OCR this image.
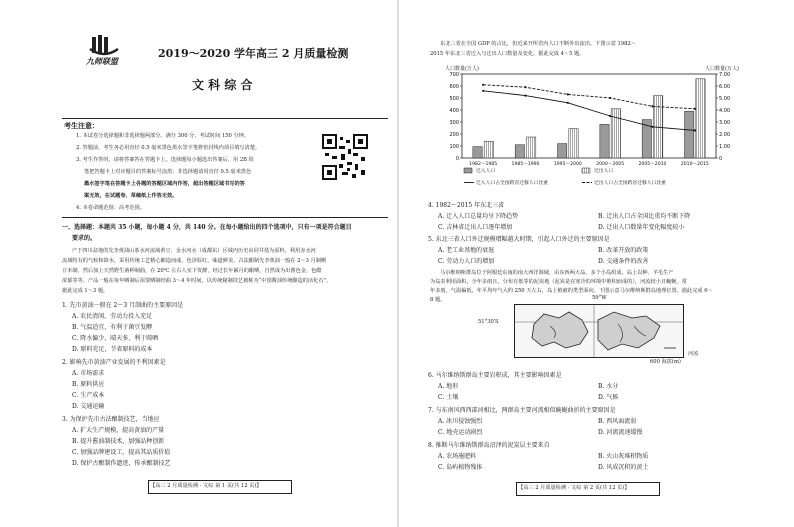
九师联盟
2019～2020 学年高三 2 月质量检测
文 科 综 合
考生注意：
1. 本试卷分选择题和非选择题两部分。满分 300 分，考试时间 150 分钟。
2. 答题前，考生务必用直径 0.5 毫米黑色墨水签字笔将密封线内项目填写清楚。
3. 考生作答时，请将答案答在答题卡上。选择题每小题选出答案后，用 2B 铅
笔把答题卡上对应题目的答案标号涂黑；非选择题请用直径 0.5 毫米黑色
墨水签字笔在答题卡上各题的答题区域内作答，超出答题区域书写的答
案无效，在试题卷、草稿纸上作答无效。
4. 本卷命题范围：高考范围。
一、选择题：本题共 35 小题，每小题 4 分，共 140 分。在每小题给出的四个选项中，只有一项是符合题目
要求的。
产于四川盆地的先李黄油山茶水河流域黄豆、金水河水（成都东）区域内历史由同井盐为原料，利用赤水河
流域特有的气候和降水，采用传统工艺精心酿造而成，色泽棕红，味道鲜美。古法酿制先李黄油一般在 2～3 月制晒
豆本制，然后加上天然野生菌种制曲，在 20℃ 左右人室下发酵，经过长年累月的酿晒，自然成为出酱色金，色酷
浓郁等等。产品一般在每年晒制后需要晒制经曲 3～4 年时间，以传统秘制技艺被称为“中国酱油传统酿造的活化石”，
据此完成 1～3 题。
1. 先市黄油一般在 2～3 月制曲的主要原因是
A. 农民清闲，劳动力投入充足
B. 气温适宜，有利于菌豆发酵
C. 降水偏少，晴天多，利于晾晒
D. 原料充足，节省原料的成本
2. 影响先市黄油产业发展的不利因素是
A. 市场需求
B. 原料供应
C. 生产成本
D. 交通运输
3. 为保护先市古法酿制技艺，当地应
A. 扩大生产规模，提高黄油的产量
B. 提升酱油制技术，加强品种创新
C. 加强品牌建设工，提高其品质价值
D. 保护古酿制作遗迹，传承酿制技艺
【高三 2 月质量检测 · 文综 第 1 页(共 12 页)】
东北三省在全国 GDP 的占比，但近来开所省内人口不断外出流出。下图示意 1982～
2015 年东北三省迁入与迁出人口数量及变化。据此完成 4～5 题。
人口数量(万人)	人口数量(万人)
0
100
200
300
400
500
600
700
0
1.00
2.00
3.00
4.00
5.00
6.00
7.00
1982～1985	1985～1990	1995～2000	2000～2005	2005～2010	2010～2015
迁入人口	迁出人口
迁入人口占全国跨省迁移人口比重	迁出人口占全国跨省迁移人口比重
4. 1982～2015 年东北三省
A. 迁入人口总量均呈下降趋势	B. 迁出人口占全国比重均不断下降
C. 吉林省迁出人口逐年增加	D. 迁出人口数量年变化幅度较小
5. 东北三省人口外迁规模增幅越大时期，引起人口外迁的主要原因是
A. 老工业基地的衰退	B. 改革开放的政策
C. 劳动力人口的增加	D. 交通条件的改善
马尔维纳斯群岛位于阿根廷东南的南大西洋海域，由东西两大岛、多个小岛组成，岛上以种、羊毛生产
为岛农利用面积，全年多雨且，分布有低等的泥炭地（泥炭是在寒冷的环境中堆积而成的），河流较小且蜿蜒，常
年多雨，气温偏低，年平均年气大约 250 天左右，岛上植被的类型面向。下图示意马尔维纳斯群岛地理位置。据此完成 6～
8 题。	59°W
51°30′S
河流
600 海拔(m)
6. 马尔维纳斯群岛主要岩积成，其主要影响因素是
A. 地形	B. 水分
C. 土壤	D. 气候
7. 与东南风西西部河相比，两群岛主要河流相似蜿蜒曲折的主要原因是
A. 冰川侵蚀强烈	B. 西风面流弱
C. 地壳运动剧烈	D. 河流流速缓慢
8. 推断马尔维纳斯群岛沼泽的泥炭层主要来自
A. 农场施肥料	B. 火山灰堆积物质
C. 岛屿植物残体	D. 风成沉积的黄土
【高三 2 月质量检测 · 文综 第 2 页(共 12 页)】
